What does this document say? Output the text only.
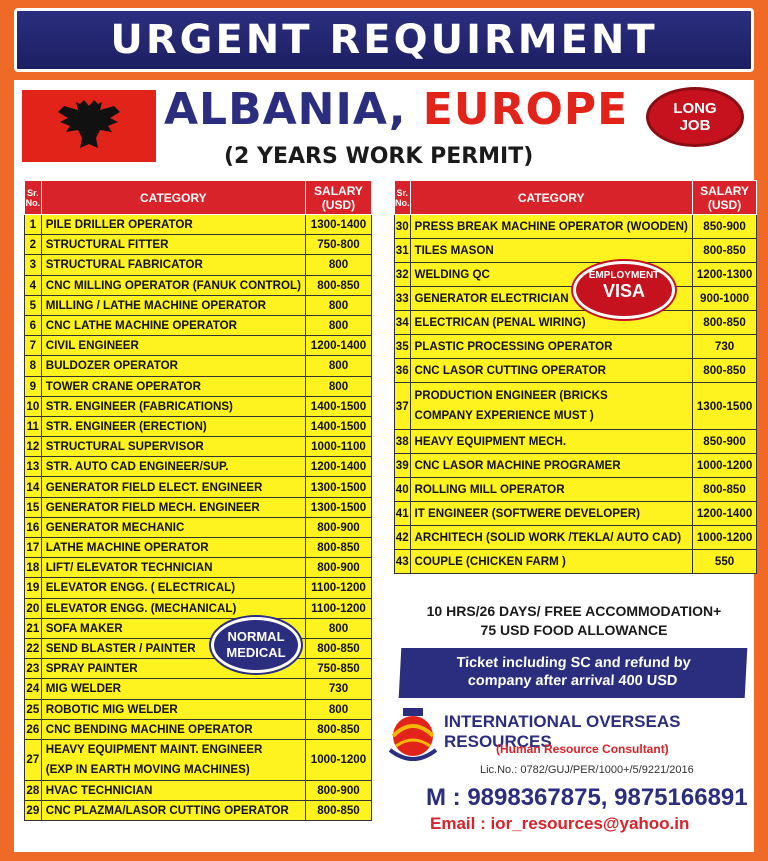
URGENT REQUIRMENT
ALBANIA, EUROPE	LONG
JOB
(2 YEARS WORK PERMIT)
Sr. No.	CATEGORY	SALARY (USD)
1	PILE DRILLER OPERATOR	1300-1400
2	STRUCTURAL FITTER	750-800
3	STRUCTURAL FABRICATOR	800
4	CNC MILLING OPERATOR (FANUK CONTROL)	800-850
5	MILLING / LATHE MACHINE OPERATOR	800
6	CNC LATHE MACHINE OPERATOR	800
7	CIVIL ENGINEER	1200-1400
8	BULDOZER OPERATOR	800
9	TOWER CRANE OPERATOR	800
10	STR. ENGINEER (FABRICATIONS)	1400-1500
11	STR. ENGINEER (ERECTION)	1400-1500
12	STRUCTURAL SUPERVISOR	1000-1100
13	STR. AUTO CAD ENGINEER/SUP.	1200-1400
14	GENERATOR FIELD ELECT. ENGINEER	1300-1500
15	GENERATOR FIELD MECH. ENGINEER	1300-1500
16	GENERATOR MECHANIC	800-900
17	LATHE MACHINE OPERATOR	800-850
18	LIFT/ ELEVATOR TECHNICIAN	800-900
19	ELEVATOR ENGG. ( ELECTRICAL)	1100-1200
20	ELEVATOR ENGG. (MECHANICAL)	1100-1200
21	SOFA MAKER	800
22	SEND BLASTER / PAINTER	800-850
23	SPRAY PAINTER	750-850
24	MIG WELDER	730
25	ROBOTIC MIG WELDER	800
26	CNC BENDING MACHINE OPERATOR	800-850
27	HEAVY EQUIPMENT MAINT. ENGINEER
(EXP IN EARTH MOVING MACHINES)	1000-1200
28	HVAC TECHNICIAN	800-900
29	CNC PLAZMA/LASOR CUTTING OPERATOR	800-850
Sr. No.	CATEGORY	SALARY (USD)
30	PRESS BREAK MACHINE OPERATOR (WOODEN)	850-900
31	TILES MASON	800-850
32	WELDING QC	1200-1300
33	GENERATOR ELECTRICIAN	900-1000
34	ELECTRICAN (PENAL WIRING)	800-850
35	PLASTIC PROCESSING OPERATOR	730
36	CNC LASOR CUTTING OPERATOR	800-850
37	PRODUCTION ENGINEER (BRICKS
COMPANY EXPERIENCE MUST )	1300-1500
38	HEAVY EQUIPMENT MECH.	850-900
39	CNC LASOR MACHINE PROGRAMER	1000-1200
40	ROLLING MILL OPERATOR	800-850
41	IT ENGINEER (SOFTWERE DEVELOPER)	1200-1400
42	ARCHITECH (SOLID WORK /TEKLA/ AUTO CAD)	1000-1200
43	COUPLE (CHICKEN FARM )	550
NORMAL
MEDICAL
EMPLOYMENT
VISA
10 HRS/26 DAYS/ FREE ACCOMMODATION+
75 USD FOOD ALLOWANCE
Ticket including SC and refund by
company after arrival 400 USD
INTERNATIONAL OVERSEAS RESOURCES
(Human Resource Consultant)
Lic.No.: 0782/GUJ/PER/1000+/5/9221/2016
M : 9898367875, 9875166891
Email : ior_resources@yahoo.in
